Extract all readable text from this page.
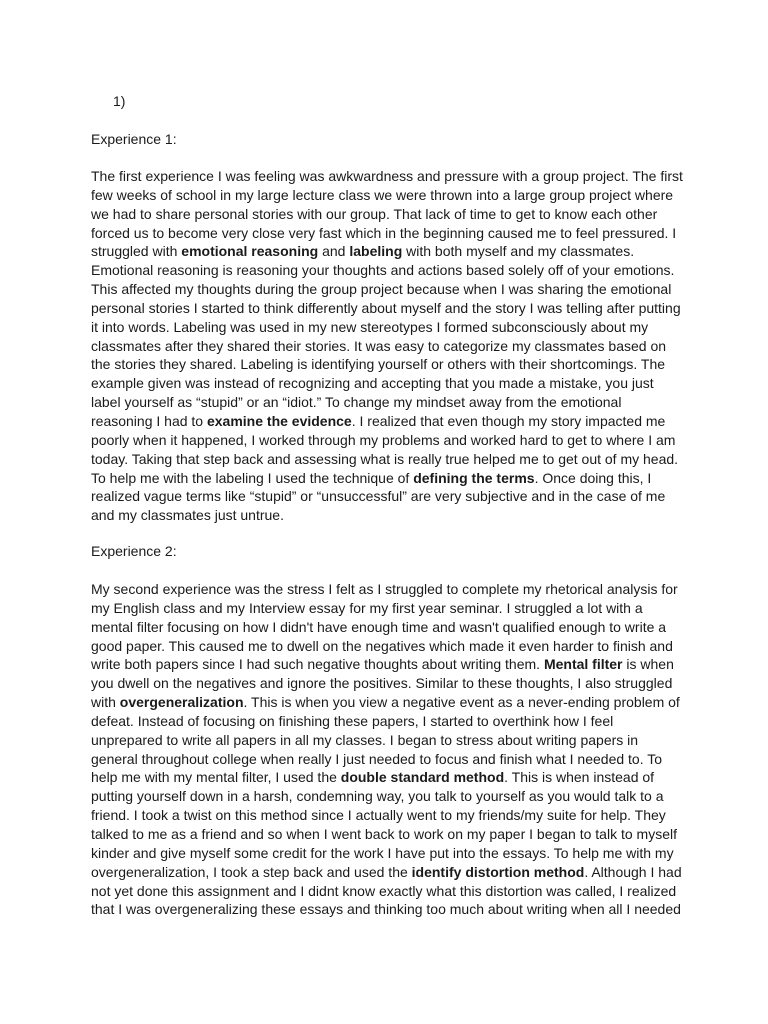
1)
Experience 1:
The first experience I was feeling was awkwardness and pressure with a group project. The first
few weeks of school in my large lecture class we were thrown into a large group project where
we had to share personal stories with our group. That lack of time to get to know each other
forced us to become very close very fast which in the beginning caused me to feel pressured. I
struggled with emotional reasoning and labeling with both myself and my classmates.
Emotional reasoning is reasoning your thoughts and actions based solely off of your emotions.
This affected my thoughts during the group project because when I was sharing the emotional
personal stories I started to think differently about myself and the story I was telling after putting
it into words. Labeling was used in my new stereotypes I formed subconsciously about my
classmates after they shared their stories. It was easy to categorize my classmates based on
the stories they shared. Labeling is identifying yourself or others with their shortcomings. The
example given was instead of recognizing and accepting that you made a mistake, you just
label yourself as “stupid” or an “idiot.” To change my mindset away from the emotional
reasoning I had to examine the evidence. I realized that even though my story impacted me
poorly when it happened, I worked through my problems and worked hard to get to where I am
today. Taking that step back and assessing what is really true helped me to get out of my head.
To help me with the labeling I used the technique of defining the terms. Once doing this, I
realized vague terms like “stupid” or “unsuccessful” are very subjective and in the case of me
and my classmates just untrue.
Experience 2:
My second experience was the stress I felt as I struggled to complete my rhetorical analysis for
my English class and my Interview essay for my first year seminar. I struggled a lot with a
mental filter focusing on how I didn't have enough time and wasn't qualified enough to write a
good paper. This caused me to dwell on the negatives which made it even harder to finish and
write both papers since I had such negative thoughts about writing them. Mental filter is when
you dwell on the negatives and ignore the positives. Similar to these thoughts, I also struggled
with overgeneralization. This is when you view a negative event as a never-ending problem of
defeat. Instead of focusing on finishing these papers, I started to overthink how I feel
unprepared to write all papers in all my classes. I began to stress about writing papers in
general throughout college when really I just needed to focus and finish what I needed to. To
help me with my mental filter, I used the double standard method. This is when instead of
putting yourself down in a harsh, condemning way, you talk to yourself as you would talk to a
friend. I took a twist on this method since I actually went to my friends/my suite for help. They
talked to me as a friend and so when I went back to work on my paper I began to talk to myself
kinder and give myself some credit for the work I have put into the essays. To help me with my
overgeneralization, I took a step back and used the identify distortion method. Although I had
not yet done this assignment and I didnt know exactly what this distortion was called, I realized
that I was overgeneralizing these essays and thinking too much about writing when all I needed
